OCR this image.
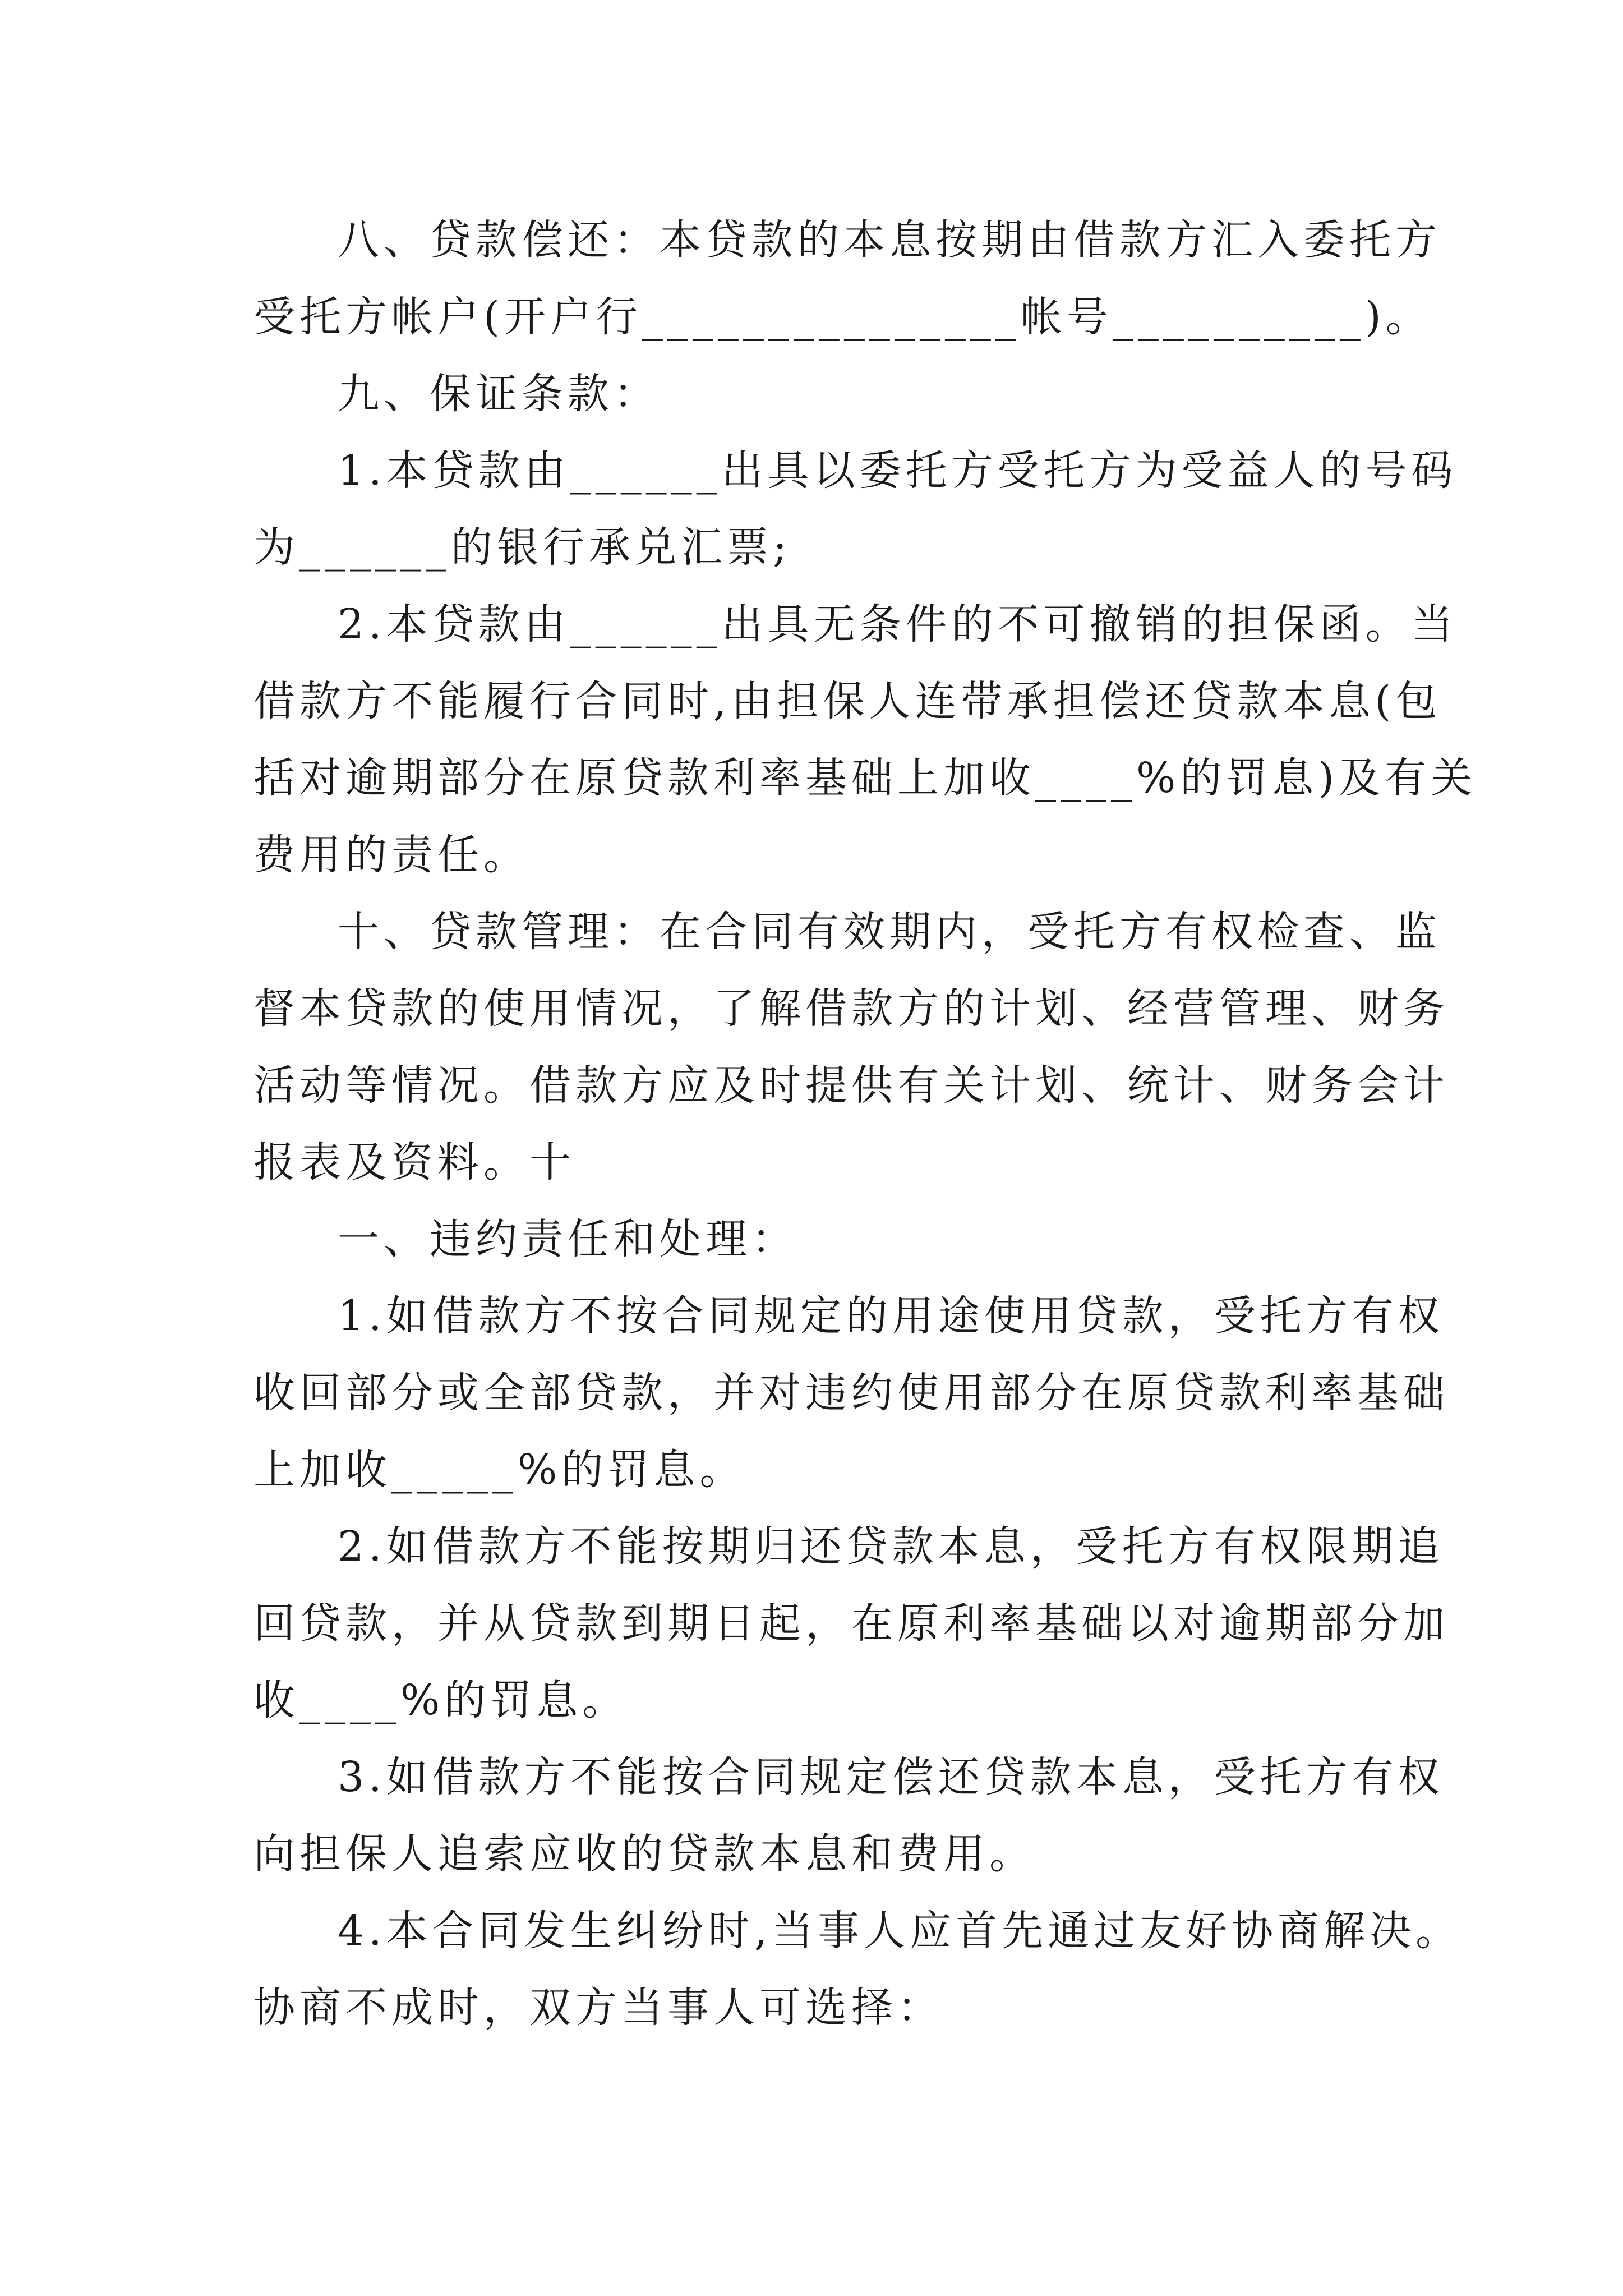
八、贷款偿还：本贷款的本息按期由借款方汇入委托方
受托方帐户(开户行_______________帐号__________)。

九、保证条款：

1.本贷款由______出具以委托方受托方为受益人的号码
为______的银行承兑汇票;

2.本贷款由______出具无条件的不可撤销的担保函。当
借款方不能履行合同时,由担保人连带承担偿还贷款本息(包
括对逾期部分在原贷款利率基础上加收____%的罚息)及有关
费用的责任。

十、贷款管理：在合同有效期内，受托方有权检查、监
督本贷款的使用情况，了解借款方的计划、经营管理、财务
活动等情况。借款方应及时提供有关计划、统计、财务会计
报表及资料。十

一、违约责任和处理：

1.如借款方不按合同规定的用途使用贷款，受托方有权
收回部分或全部贷款，并对违约使用部分在原贷款利率基础
上加收_____%的罚息。

2.如借款方不能按期归还贷款本息，受托方有权限期追
回贷款，并从贷款到期日起，在原利率基础以对逾期部分加
收____%的罚息。

3.如借款方不能按合同规定偿还贷款本息，受托方有权
向担保人追索应收的贷款本息和费用。

4.本合同发生纠纷时,当事人应首先通过友好协商解决。
协商不成时，双方当事人可选择：
